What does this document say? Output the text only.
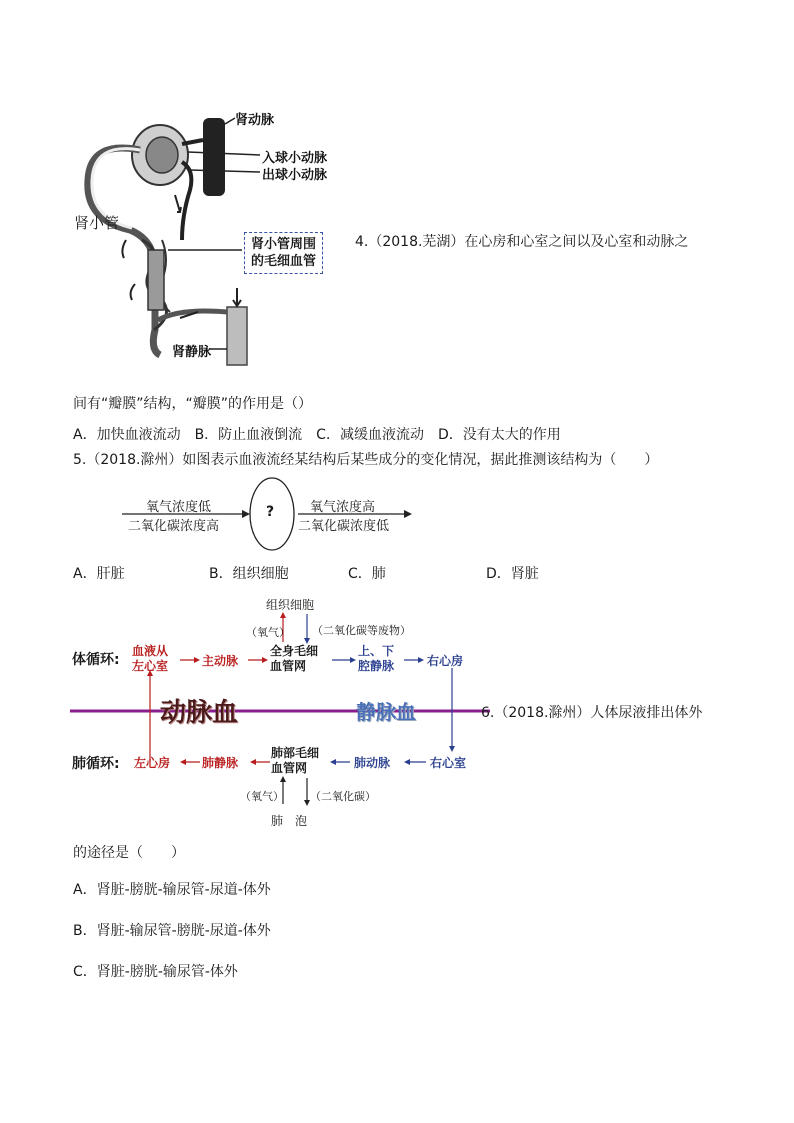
肾动脉
入球小动脉
出球小动脉
肾小管
肾小管周围
的毛细血管
肾静脉
4.（2018.芜湖）在心房和心室之间以及心室和动脉之
间有“瓣膜”结构，“瓣膜”的作用是（）
A．加快血液流动　B．防止血液倒流　C．减缓血液流动　D．没有太大的作用
5.（2018.滁州）如图表示血液流经某结构后某些成分的变化情况，据此推测该结构为（　　）
氧气浓度低
二氧化碳浓度高
?	氧气浓度高
二氧化碳浓度低
A．肝脏	B．组织细胞	C．肺	D．肾脏
组织细胞
（氧气） （二氧化碳等废物）
体循环:
血液从
左心室	主动脉
全身毛细
血管网
上、下
腔静脉	右心房
动脉血	静脉血
肺循环: 左心房	肺静脉
肺部毛细
血管网	肺动脉	右心室
（氧气） （二氧化碳）
肺　泡
6.（2018.滁州）人体尿液排出体外
的途径是（　　）
A．肾脏-膀胱-输尿管-尿道-体外
B．肾脏-输尿管-膀胱-尿道-体外
C．肾脏-膀胱-输尿管-体外
